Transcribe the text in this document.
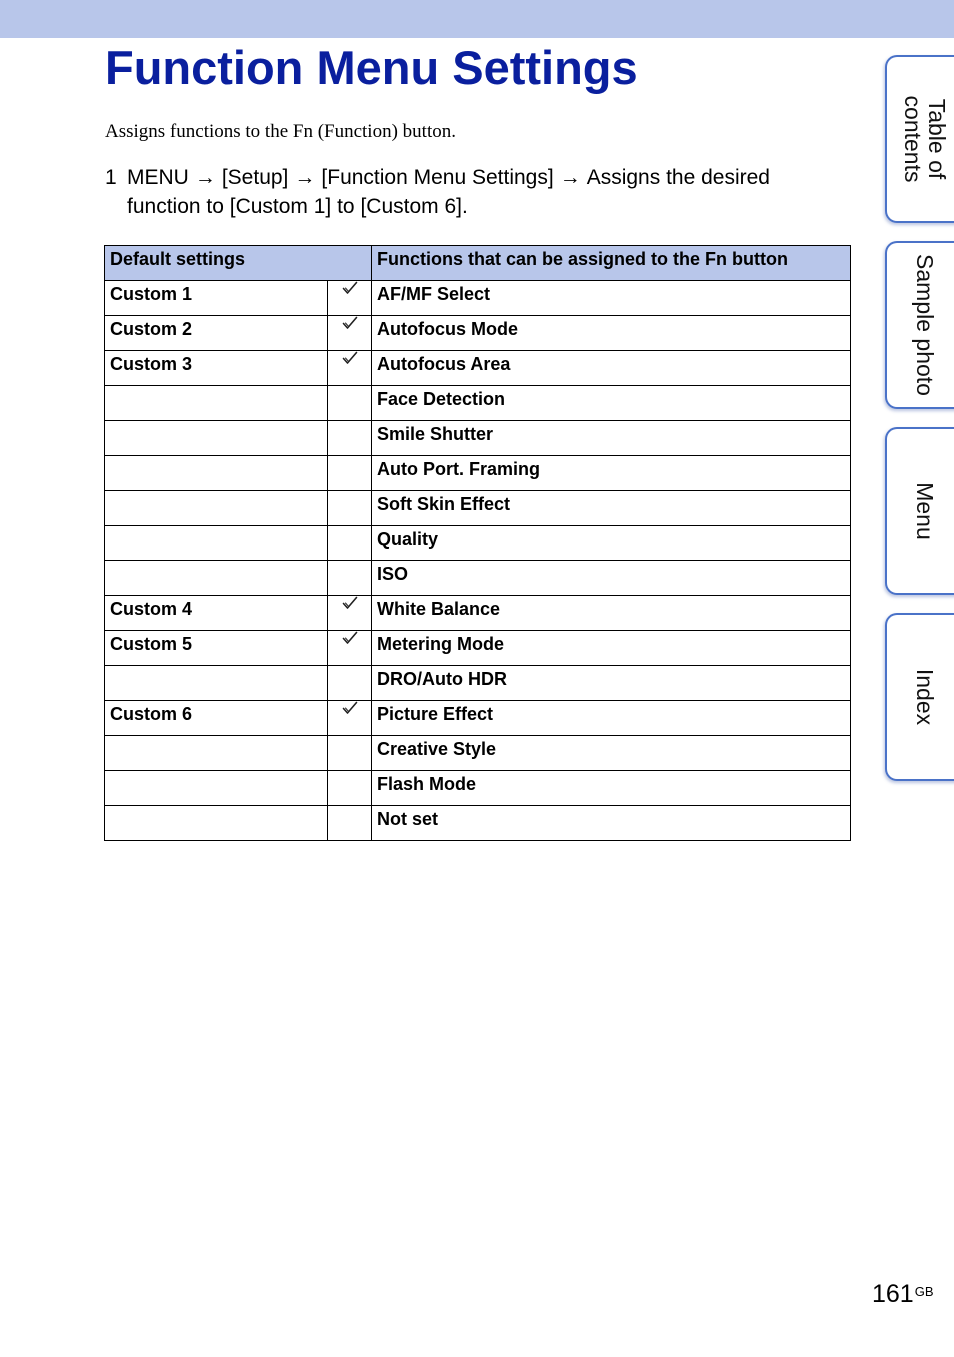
Function Menu Settings
Assigns functions to the Fn (Function) button.
1 MENU → [Setup] → [Function Menu Settings] → Assigns the desired
function to [Custom 1] to [Custom 6].
Default settings		Functions that can be assigned to the Fn button
Custom 1		AF/MF Select
Custom 2		Autofocus Mode
Custom 3		Autofocus Area
		Face Detection
		Smile Shutter
		Auto Port. Framing
		Soft Skin Effect
		Quality
		ISO
Custom 4		White Balance
Custom 5		Metering Mode
		DRO/Auto HDR
Custom 6		Picture Effect
		Creative Style
		Flash Mode
		Not set
Table of
contents
Sample photo
Menu
Index
$161^{GB}$
